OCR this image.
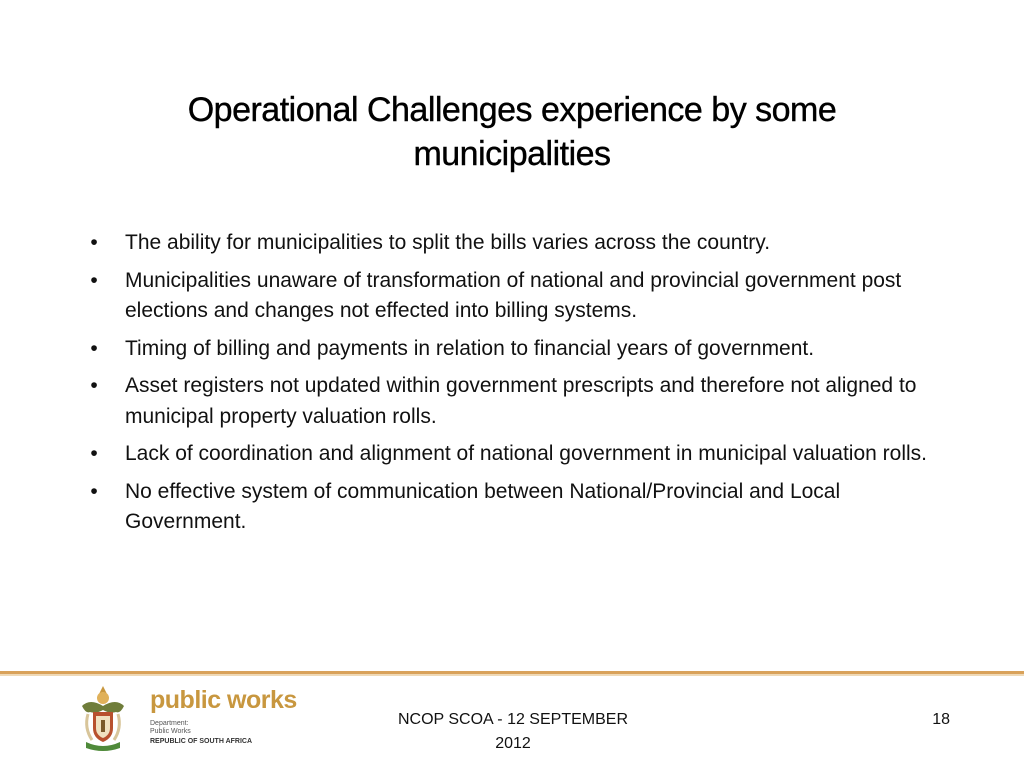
Operational Challenges experience by some
municipalities
•	The ability for municipalities to split the bills varies across the country.
•	Municipalities unaware of transformation of national and provincial government post elections and changes not effected into billing systems.
•	Timing of billing and payments in relation to financial years of government.
•	Asset registers not updated within government prescripts and therefore not aligned to municipal property valuation rolls.
•	Lack of coordination and alignment of national government in municipal valuation rolls.
•	No effective system of communication between National/Provincial and Local Government.
public works
Department:
Public Works
REPUBLIC OF SOUTH AFRICA
NCOP SCOA - 12 SEPTEMBER
2012
18
